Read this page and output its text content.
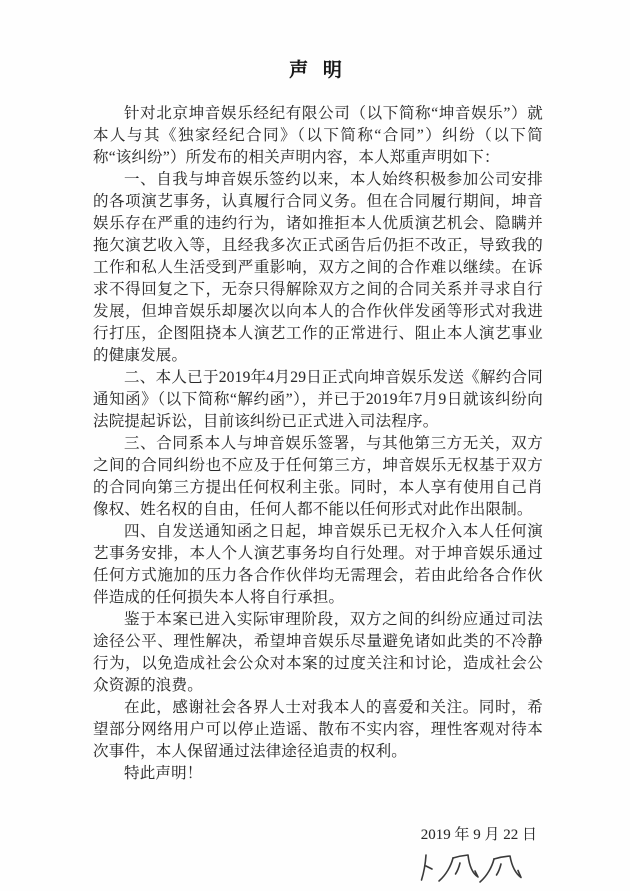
声 明

针对北京坤音娱乐经纪有限公司（以下简称“坤音娱乐”）就本人与其《独家经纪合同》（以下简称“合同”）纠纷（以下简称“该纠纷”）所发布的相关声明内容，本人郑重声明如下：

一、自我与坤音娱乐签约以来，本人始终积极参加公司安排的各项演艺事务，认真履行合同义务。但在合同履行期间，坤音娱乐存在严重的违约行为，诸如推拒本人优质演艺机会、隐瞒并拖欠演艺收入等，且经我多次正式函告后仍拒不改正，导致我的工作和私人生活受到严重影响，双方之间的合作难以继续。在诉求不得回复之下，无奈只得解除双方之间的合同关系并寻求自行发展，但坤音娱乐却屡次以向本人的合作伙伴发函等形式对我进行打压，企图阻挠本人演艺工作的正常进行、阻止本人演艺事业的健康发展。

二、本人已于2019年4月29日正式向坤音娱乐发送《解约合同通知函》（以下简称“解约函”），并已于2019年7月9日就该纠纷向法院提起诉讼，目前该纠纷已正式进入司法程序。

三、合同系本人与坤音娱乐签署，与其他第三方无关，双方之间的合同纠纷也不应及于任何第三方，坤音娱乐无权基于双方的合同向第三方提出任何权利主张。同时，本人享有使用自己肖像权、姓名权的自由，任何人都不能以任何形式对此作出限制。

四、自发送通知函之日起，坤音娱乐已无权介入本人任何演艺事务安排，本人个人演艺事务均自行处理。对于坤音娱乐通过任何方式施加的压力各合作伙伴均无需理会，若由此给各合作伙伴造成的任何损失本人将自行承担。

鉴于本案已进入实际审理阶段，双方之间的纠纷应通过司法途径公平、理性解决，希望坤音娱乐尽量避免诸如此类的不冷静行为，以免造成社会公众对本案的过度关注和讨论，造成社会公众资源的浪费。

在此，感谢社会各界人士对我本人的喜爱和关注。同时，希望部分网络用户可以停止造谣、散布不实内容，理性客观对待本次事件，本人保留通过法律途径追责的权利。

特此声明！

2019 年 9 月 22 日
